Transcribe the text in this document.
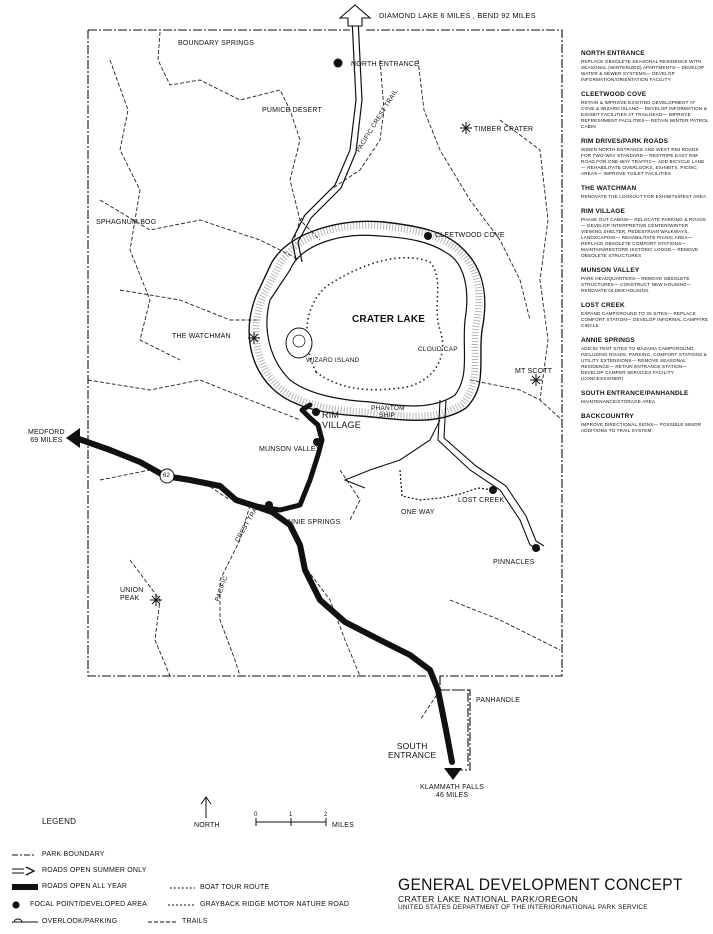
DIAMOND LAKE 6 MILES , BEND 92 MILES
BOUNDARY SPRINGS
NORTH ENTRANCE
PUMICE DESERT
TIMBER CRATER
PACIFIC CREST TRAIL
SPHAGNUM BOG
CLEETWOOD COVE
CRATER LAKE
THE WATCHMAN
WIZARD ISLAND
CLOUD CAP
MT SCOTT
PHANTOM SHIP
RIM
VILLAGE
MEDFORD
69 MILES
62
MUNSON VALLEY
LOST CREEK
ONE WAY
ANNIE SPRINGS
PINNACLES
UNION
PEAK	PACIFIC
CREST TRAIL
PANHANDLE
SOUTH
ENTRANCE
KLAMMATH FALLS
46 MILES
NORTH ENTRANCE
REPLACE OBSOLETE SEASONAL RESIDENCE WITH SEASONAL (WINTERIZED) APARTMENTS— DEVELOP WATER & SEWER SYSTEMS— DEVELOP INFORMATION/ORIENTATION FACILITY
CLEETWOOD COVE
RETAIN & IMPROVE EXISTING DEVELOPMENT AT COVE & WIZARD ISLAND— DEVELOP INFORMATION & EXHIBIT FACILITIES AT TRAILHEAD— IMPROVE REFRESHMENT FACILITIES— RETAIN WINTER PATROL CABIN
RIM DRIVES/PARK ROADS
WIDEN NORTH ENTRANCE AND WEST RIM ROADS FOR TWO-WAY STANDARD— RESTRIPE EAST RIM ROAD FOR ONE-WAY TRAFFIC— ADD BICYCLE LANE— REHABILITATE OVERLOOKS, EXHIBITS, PICNIC AREAS— IMPROVE TOILET FACILITIES
THE WATCHMAN
RENOVATE THE LOOKOUT FOR EXHIBITS/REST AREA
RIM VILLAGE
PHASE OUT CABINS— RELOCATE PARKING & ROADS— DEVELOP INTERPRETIVE CENTER/WINTER VIEWING SHELTER, PEDESTRIAN WALKWAYS, LANDSCAPING— REHABILITATE PICNIC AREA— REPLACE OBSOLETE COMFORT STATIONS— MAINTAIN/RESTORE HISTORIC LODGE— REMOVE OBSOLETE STRUCTURES
MUNSON VALLEY
PARK HEADQUARTERS— REMOVE OBSOLETE STRUCTURES— CONSTRUCT NEW HOUSING— RENOVATE OLDER HOUSING
LOST CREEK
EXPAND CAMPGROUND TO 25 SITES— REPLACE COMFORT STATION— DEVELOP INFORMAL CAMPFIRE CIRCLE
ANNIE SPRINGS
ADD 52 TENT SITES TO MAZAMA CAMPGROUND, INCLUDING ROADS, PARKING, COMFORT STATIONS & UTILITY EXTENSIONS— REMOVE SEASONAL RESIDENCE— RETAIN ENTRANCE STATION— DEVELOP CAMPER SERVICES FACILITY (CONCESSIONER)
SOUTH ENTRANCE/PANHANDLE
MAINTENANCE/STORAGE AREA
BACKCOUNTRY
IMPROVE DIRECTIONAL SIGNS— POSSIBLE MINOR ADDITIONS TO TRAIL SYSTEM
NORTH
0	1	2
MILES
LEGEND
PARK BOUNDARY
ROADS OPEN SUMMER ONLY
ROADS OPEN ALL YEAR	BOAT TOUR ROUTE
FOCAL POINT/DEVELOPED AREA	GRAYBACK RIDGE MOTOR NATURE ROAD
OVERLOOK/PARKING	TRAILS
GENERAL DEVELOPMENT CONCEPT
CRATER LAKE NATIONAL PARK/OREGON
UNITED STATES DEPARTMENT OF THE INTERIOR/NATIONAL PARK SERVICE
